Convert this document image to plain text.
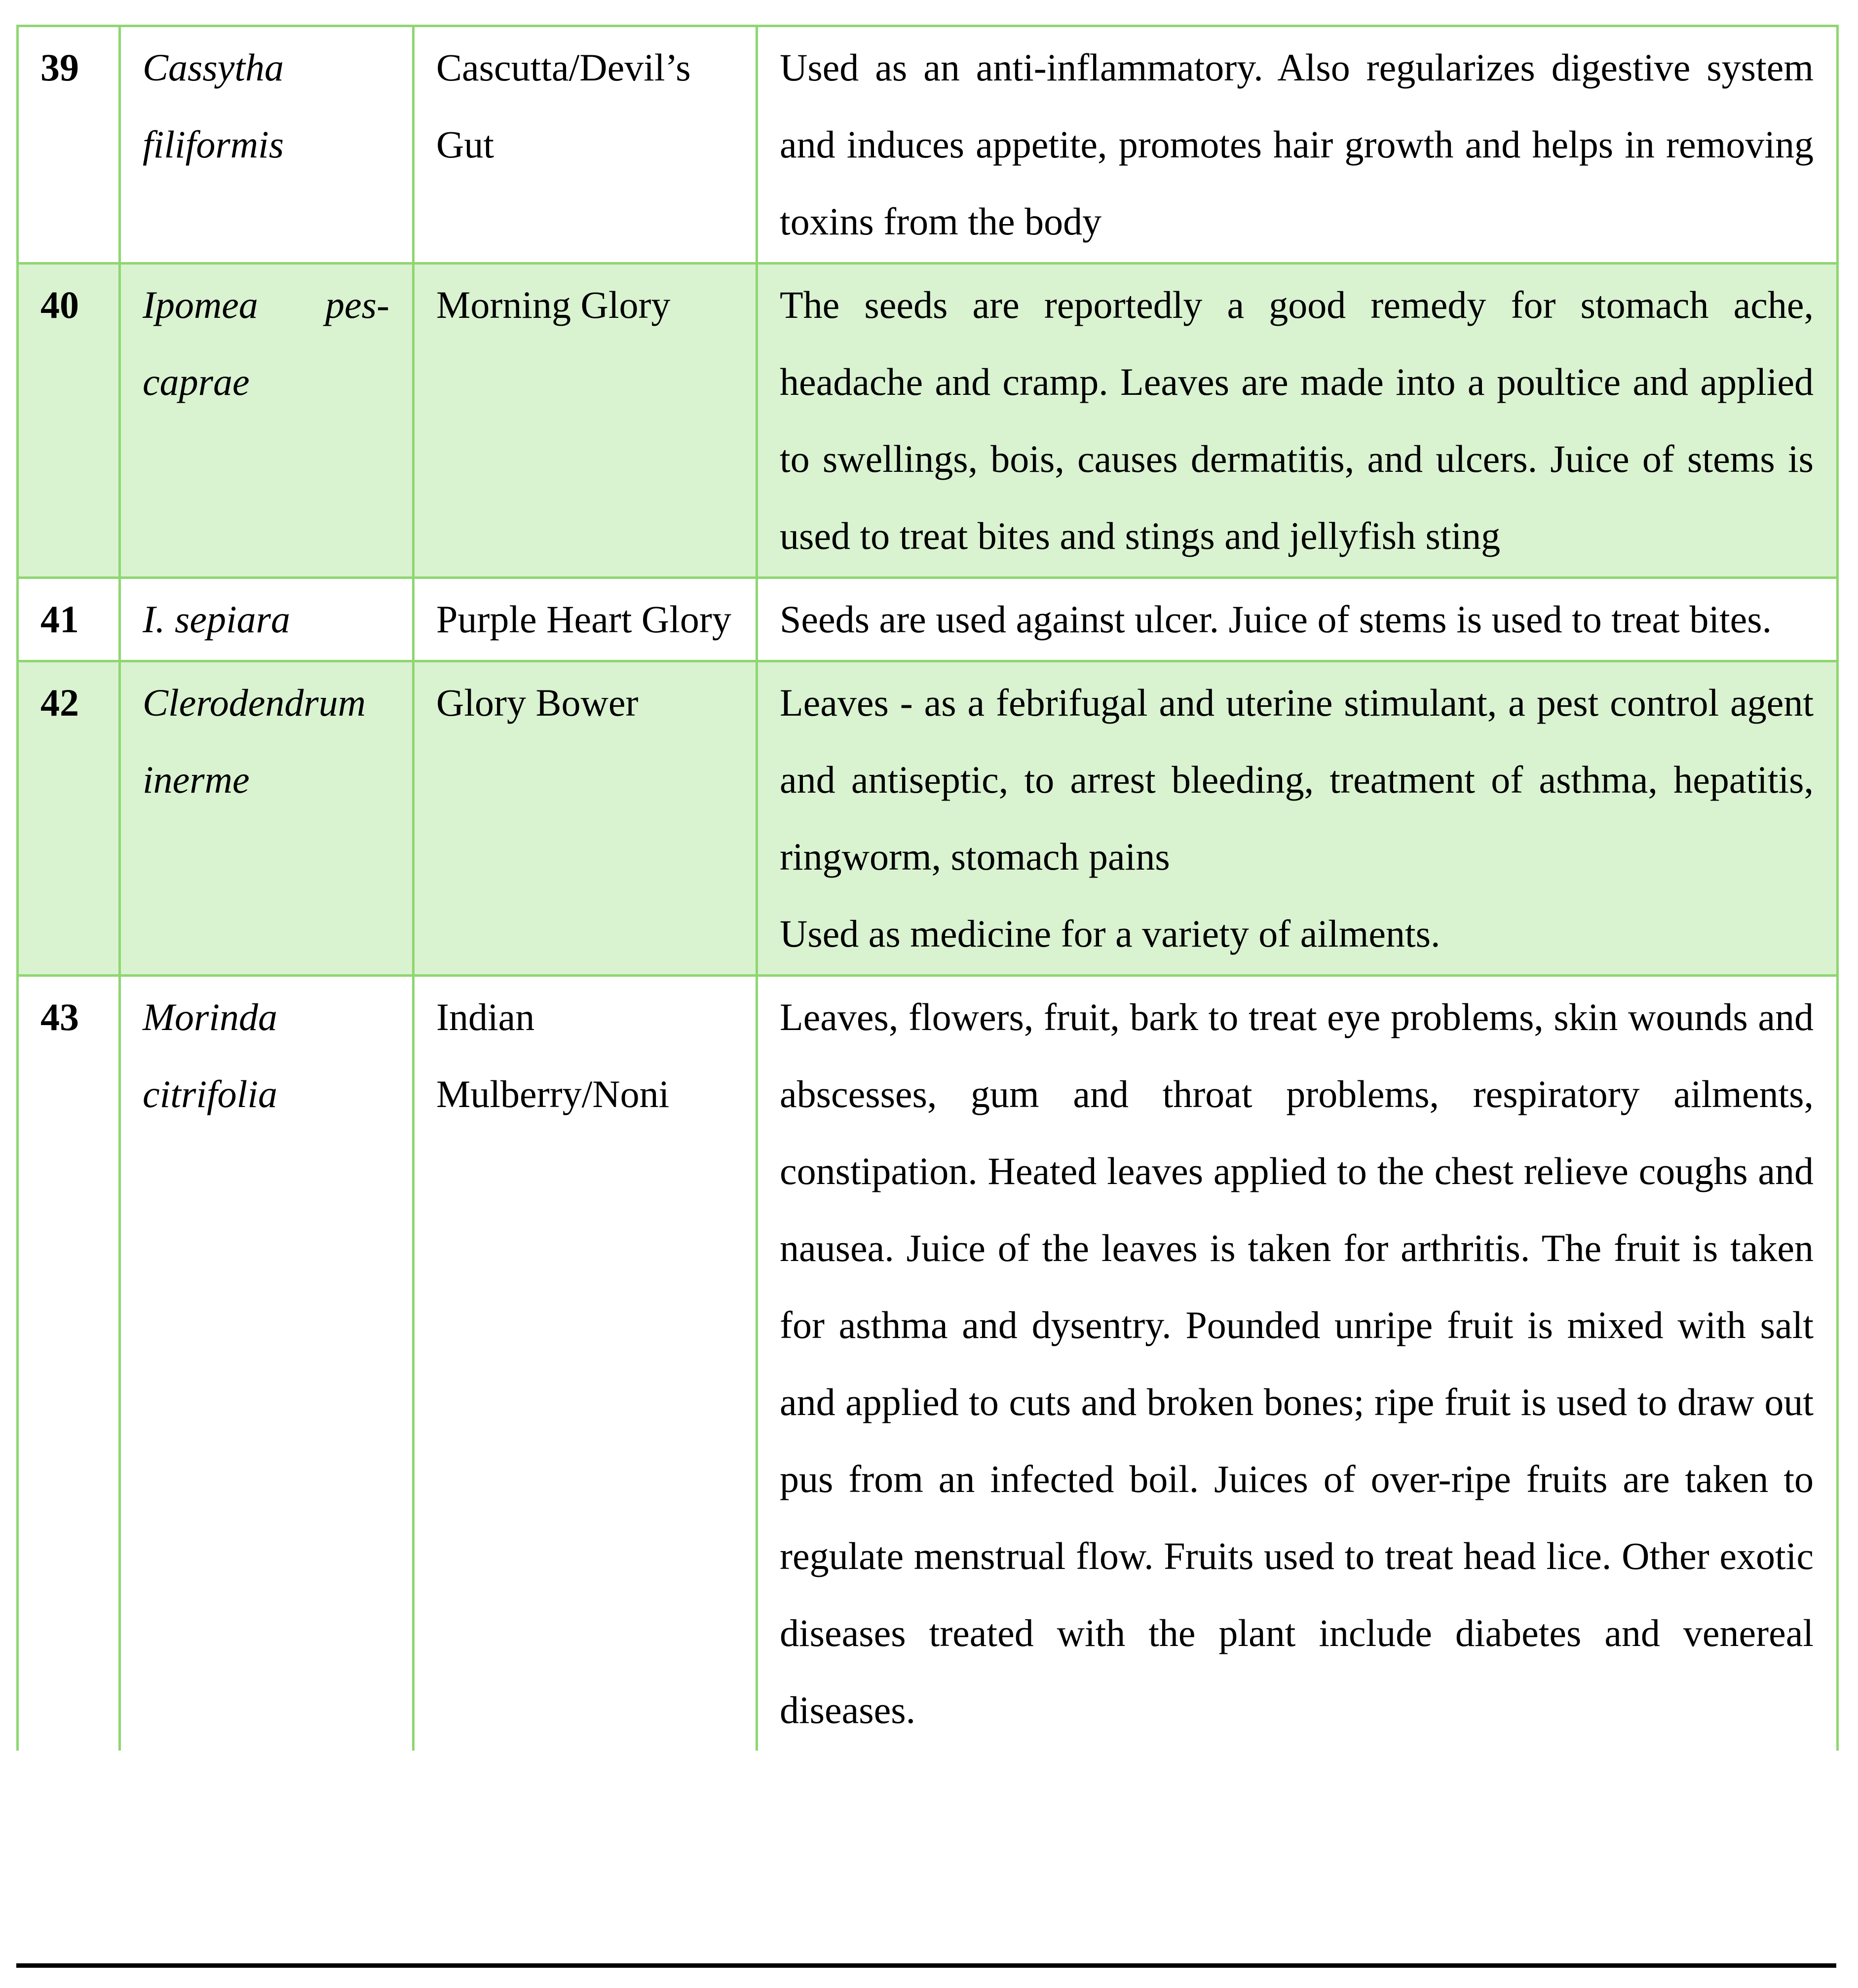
39	Cassytha filiformis	Cascutta/Devil’s Gut	Used as an anti-inflammatory. Also regularizes digestive system and induces appetite, promotes hair growth and helps in removing toxins from the body

40	Ipomea pes-caprae	Morning Glory	The seeds are reportedly a good remedy for stomach ache, headache and cramp. Leaves are made into a poultice and applied to swellings, bois, causes dermatitis, and ulcers. Juice of stems is used to treat bites and stings and jellyfish sting

41	I. sepiara	Purple Heart Glory	Seeds are used against ulcer. Juice of stems is used to treat bites.

42	Clerodendrum inerme	Glory Bower	Leaves - as a febrifugal and uterine stimulant, a pest control agent and antiseptic, to arrest bleeding, treatment of asthma, hepatitis, ringworm, stomach pains
Used as medicine for a variety of ailments.

43	Morinda citrifolia	Indian Mulberry/Noni	Leaves, flowers, fruit, bark to treat eye problems, skin wounds and abscesses, gum and throat problems, respiratory ailments, constipation. Heated leaves applied to the chest relieve coughs and nausea. Juice of the leaves is taken for arthritis. The fruit is taken for asthma and dysentry. Pounded unripe fruit is mixed with salt and applied to cuts and broken bones; ripe fruit is used to draw out pus from an infected boil. Juices of over-ripe fruits are taken to regulate menstrual flow. Fruits used to treat head lice. Other exotic diseases treated with the plant include diabetes and venereal diseases.
